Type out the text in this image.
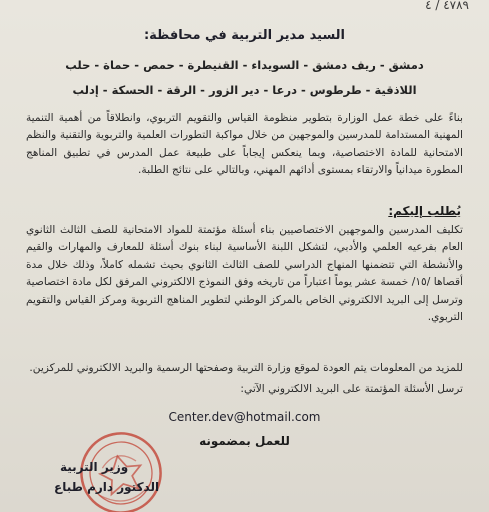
٤٧٨٩ / ٤
السيد مدير التربية في محافظة:
دمشق - ريف دمشق - السويداء - القنيطرة - حمص - حماة - حلب
اللاذقية - طرطوس - درعا - دير الزور - الرقة - الحسكة - إدلب
بناءً على خطة عمل الوزارة بتطوير منظومة القياس والتقويم التربوي، وانطلاقاً من أهمية التنمية المهنية المستدامة للمدرسين والموجهين من خلال مواكبة التطورات العلمية والتربوية والتقنية والنظم الامتحانية للمادة الاختصاصية، وبما ينعكس إيجاباً على طبيعة عمل المدرس في تطبيق المناهج المطورة ميدانياً والارتقاء بمستوى أدائهم المهني، وبالتالي على نتائج الطلبة.
يُطلب إليكم:
تكليف المدرسين والموجهين الاختصاصيين بناء أسئلة مؤتمتة للمواد الامتحانية للصف الثالث الثانوي العام بفرعيه العلمي والأدبي، لتشكل اللبنة الأساسية لبناء بنوك أسئلة للمعارف والمهارات والقيم والأنشطة التي تتضمنها المنهاج الدراسي للصف الثالث الثانوي بحيث تشمله كاملاً، وذلك خلال مدة أقصاها /١٥/ خمسة عشر يوماً اعتباراً من تاريخه وفق النموذج الالكتروني المرفق لكل مادة اختصاصية وترسل إلى البريد الالكتروني الخاص بالمركز الوطني لتطوير المناهج التربوية ومركز القياس والتقويم التربوي.
للمزيد من المعلومات يتم العودة لموقع وزارة التربية وصفحتها الرسمية والبريد الالكتروني للمركزين.
ترسل الأسئلة المؤتمتة على البريد الالكتروني الآتي:
Center.dev@hotmail.com
للعمل بمضمونه
وزير التربية
الدكتور دارم طباع
